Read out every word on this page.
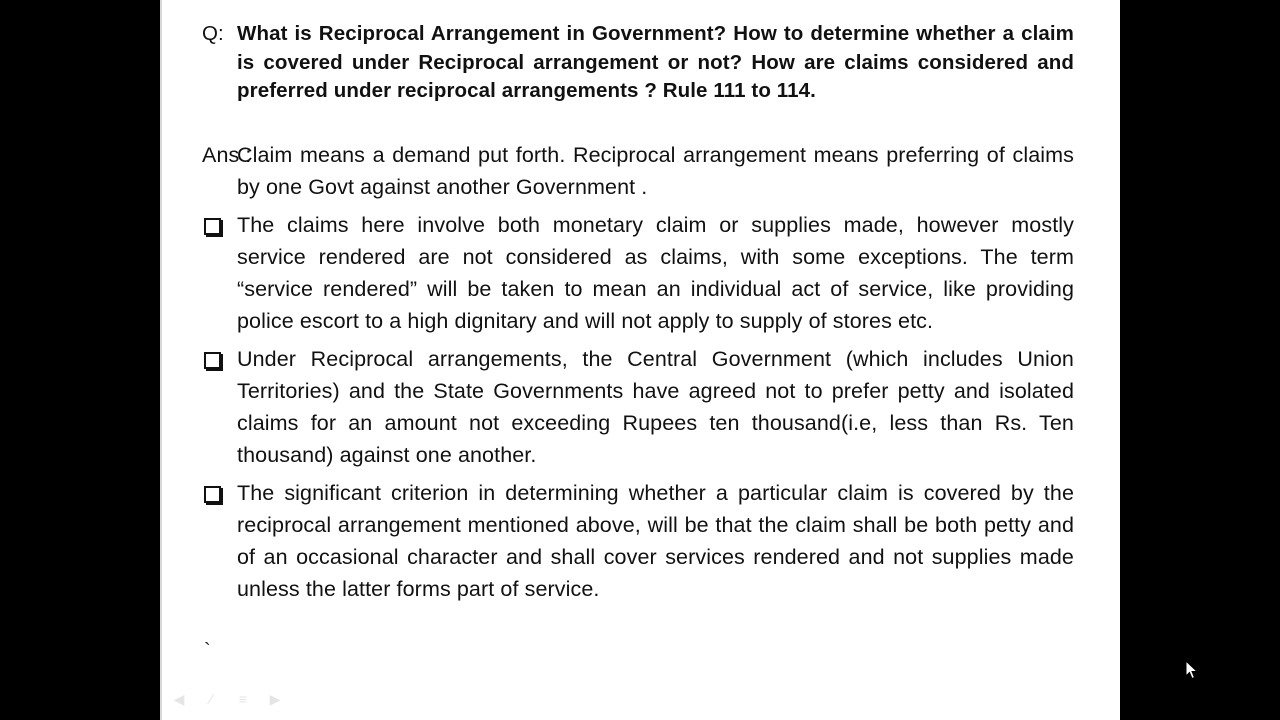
Q: What is Reciprocal Arrangement in Government? How to determine whether a claim is covered under Reciprocal arrangement or not? How are claims considered and preferred under reciprocal arrangements ? Rule 111 to 114.
Ans :
Claim means a demand put forth. Reciprocal arrangement means preferring of claims by one Govt against another Government .
The claims here involve both monetary claim or supplies made, however mostly service rendered are not considered as claims, with some exceptions. The term “service rendered” will be taken to mean an individual act of service, like providing police escort to a high dignitary and will not apply to supply of stores etc.
Under Reciprocal arrangements, the Central Government (which includes Union Territories) and the State Governments have agreed not to prefer petty and isolated claims for an amount not exceeding Rupees ten thousand(i.e, less than Rs. Ten thousand) against one another.
The significant criterion in determining whether a particular claim is covered by the reciprocal arrangement mentioned above, will be that the claim shall be both petty and of an occasional character and shall cover services rendered and not supplies made unless the latter forms part of service.
`
◀	∕	≡	▶
